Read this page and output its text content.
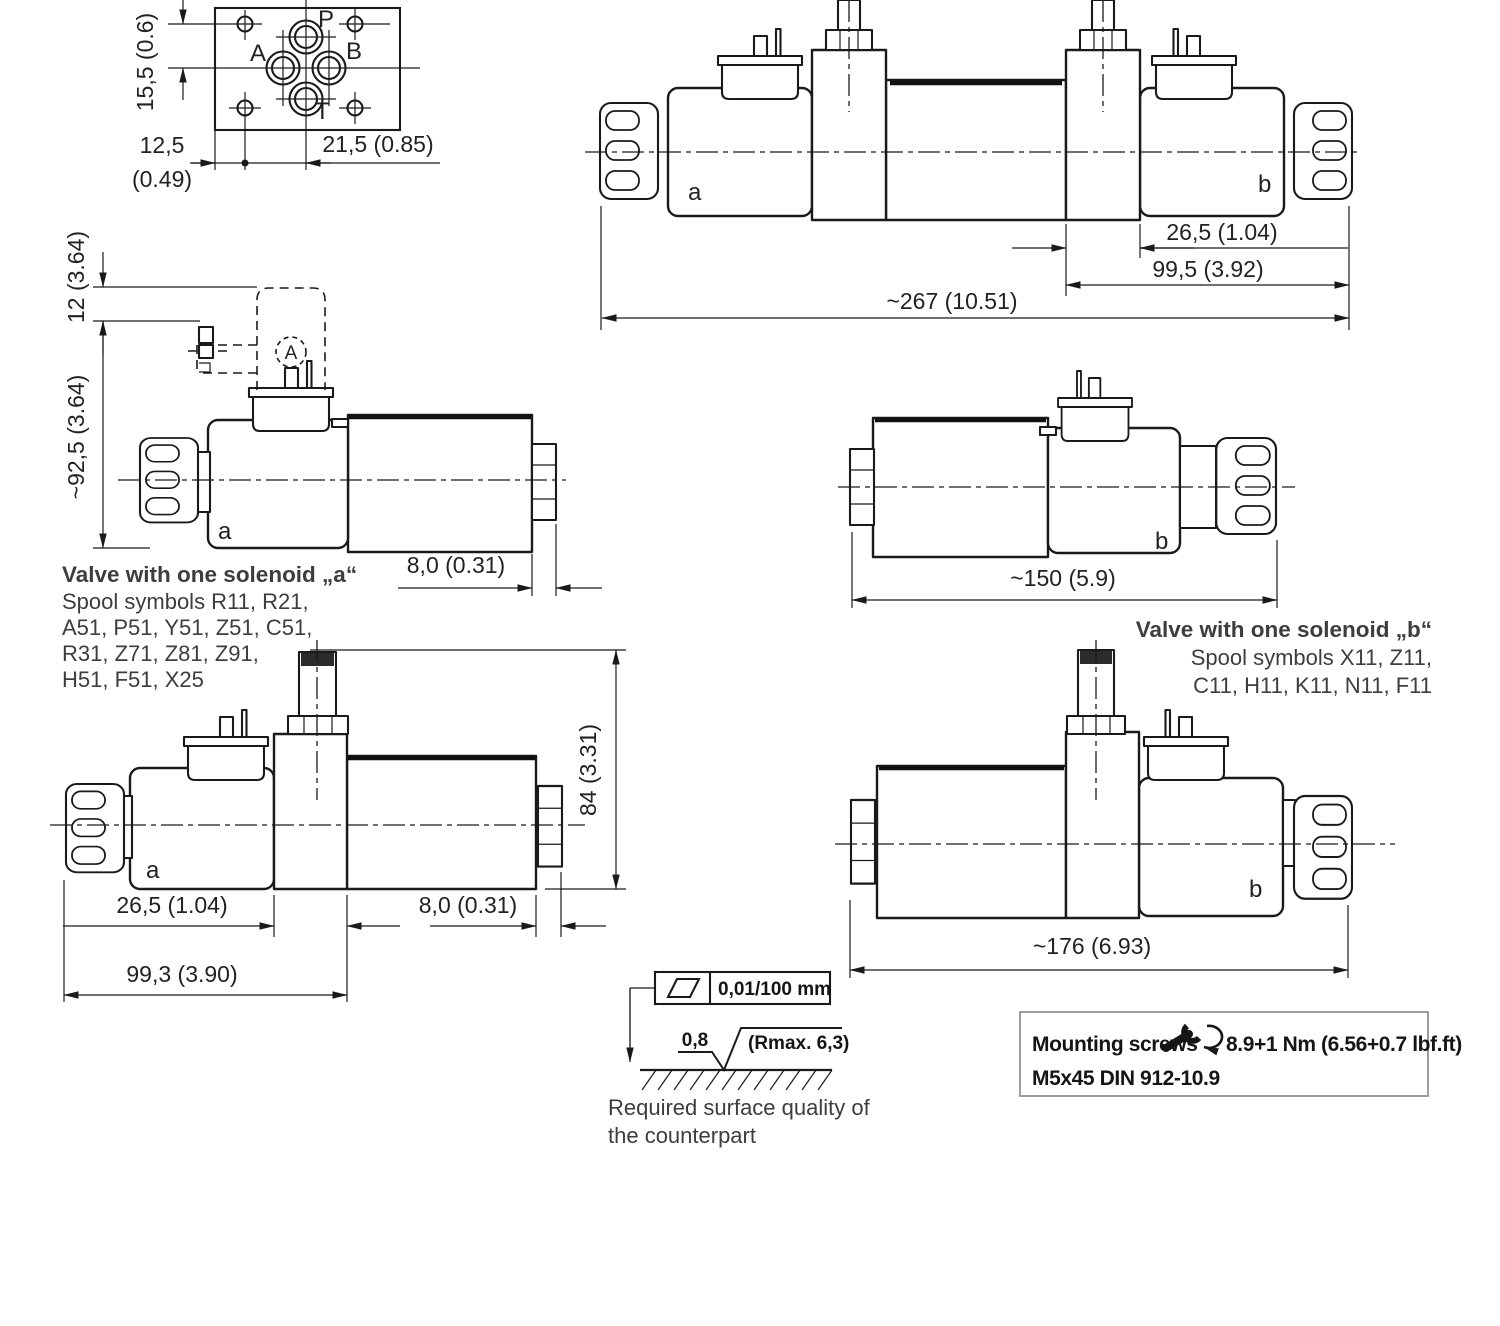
P
A	B
T
15,5 (0.6)
12,5
(0.49)
21,5 (0.85)
a	b
26,5 (1.04)
99,5 (3.92)
~267 (10.51)
A
a
12 (3.64)
~92,5 (3.64)
8,0 (0.31)
b
~150 (5.9)
Valve with one solenoid „a“
Spool symbols R11, R21,
A51, P51, Y51, Z51, C51,
R31, Z71, Z81, Z91,
H51, F51, X25
Valve with one solenoid „b“
Spool symbols X11, Z11,
C11, H11, K11, N11, F11
a
26,5 (1.04)	8,0 (0.31)
99,3 (3.90)
84 (3.31)
b
~176 (6.93)
0,01/100 mm
0,8 (Rmax. 6,3)
Required surface quality of
the counterpart
Mounting screws 8.9+1 Nm (6.56+0.7 lbf.ft)
M5x45 DIN 912-10.9
